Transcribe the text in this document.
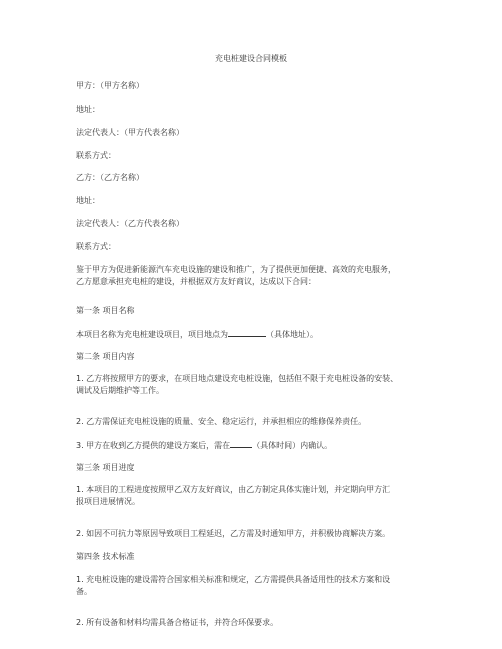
充电桩建设合同模板
甲方：（甲方名称）
地址：
法定代表人：（甲方代表名称）
联系方式：
乙方：（乙方名称）
地址：
法定代表人：（乙方代表名称）
联系方式：
鉴于甲方为促进新能源汽车充电设施的建设和推广，为了提供更加便捷、高效的充电服务，
乙方愿意承担充电桩的建设，并根据双方友好商议，达成以下合同：
第一条 项目名称
本项目名称为充电桩建设项目，项目地点为	（具体地址）。
第二条 项目内容
1. 乙方将按照甲方的要求，在项目地点建设充电桩设施，包括但不限于充电桩设备的安装、
调试及后期维护等工作。
2. 乙方需保证充电桩设施的质量、安全、稳定运行，并承担相应的维修保养责任。
3. 甲方在收到乙方提供的建设方案后，需在	（具体时间）内确认。
第三条 项目进度
1. 本项目的工程进度按照甲乙双方友好商议，由乙方制定具体实施计划，并定期向甲方汇
报项目进展情况。
2. 如因不可抗力等原因导致项目工程延迟，乙方需及时通知甲方，并积极协商解决方案。
第四条 技术标准
1. 充电桩设施的建设需符合国家相关标准和规定，乙方需提供具备适用性的技术方案和设
备。
2. 所有设备和材料均需具备合格证书，并符合环保要求。
